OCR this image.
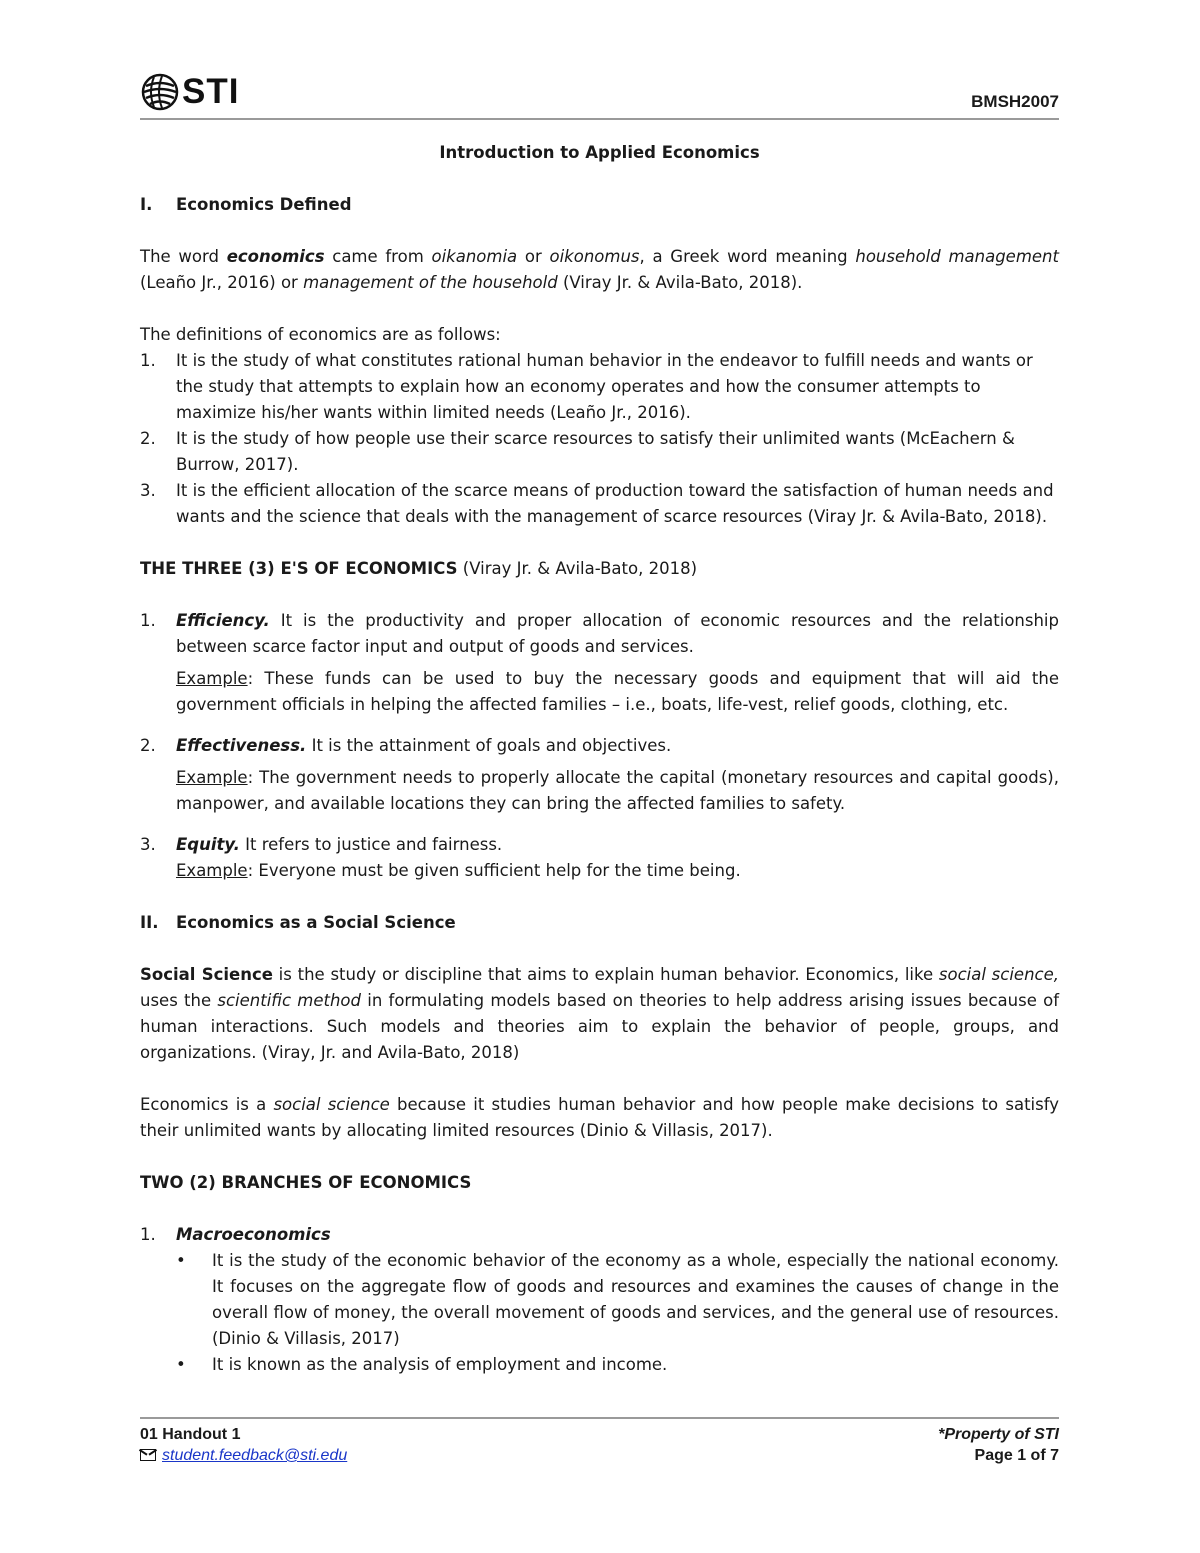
STI	BMSH2007

Introduction to Applied Economics

I. Economics Defined

The word economics came from oikanomia or oikonomus, a Greek word meaning household management (Leaño Jr., 2016) or management of the household (Viray Jr. & Avila-Bato, 2018).

The definitions of economics are as follows:

1. It is the study of what constitutes rational human behavior in the endeavor to fulfill needs and wants or the study that attempts to explain how an economy operates and how the consumer attempts to maximize his/her wants within limited needs (Leaño Jr., 2016).
2. It is the study of how people use their scarce resources to satisfy their unlimited wants (McEachern & Burrow, 2017).
3. It is the efficient allocation of the scarce means of production toward the satisfaction of human needs and wants and the science that deals with the management of scarce resources (Viray Jr. & Avila-Bato, 2018).

THE THREE (3) E'S OF ECONOMICS (Viray Jr. & Avila-Bato, 2018)

1. Efficiency. It is the productivity and proper allocation of economic resources and the relationship between scarce factor input and output of goods and services.
Example: These funds can be used to buy the necessary goods and equipment that will aid the government officials in helping the affected families – i.e., boats, life-vest, relief goods, clothing, etc.
2. Effectiveness. It is the attainment of goals and objectives.
Example: The government needs to properly allocate the capital (monetary resources and capital goods), manpower, and available locations they can bring the affected families to safety.
3. Equity. It refers to justice and fairness.
Example: Everyone must be given sufficient help for the time being.

II. Economics as a Social Science

Social Science is the study or discipline that aims to explain human behavior. Economics, like social science, uses the scientific method in formulating models based on theories to help address arising issues because of human interactions. Such models and theories aim to explain the behavior of people, groups, and organizations. (Viray, Jr. and Avila-Bato, 2018)

Economics is a social science because it studies human behavior and how people make decisions to satisfy their unlimited wants by allocating limited resources (Dinio & Villasis, 2017).

TWO (2) BRANCHES OF ECONOMICS

1. Macroeconomics
• It is the study of the economic behavior of the economy as a whole, especially the national economy. It focuses on the aggregate flow of goods and resources and examines the causes of change in the overall flow of money, the overall movement of goods and services, and the general use of resources. (Dinio & Villasis, 2017)
• It is known as the analysis of employment and income.
01 Handout 1
student.feedback@sti.edu
*Property of STI
Page 1 of 7
